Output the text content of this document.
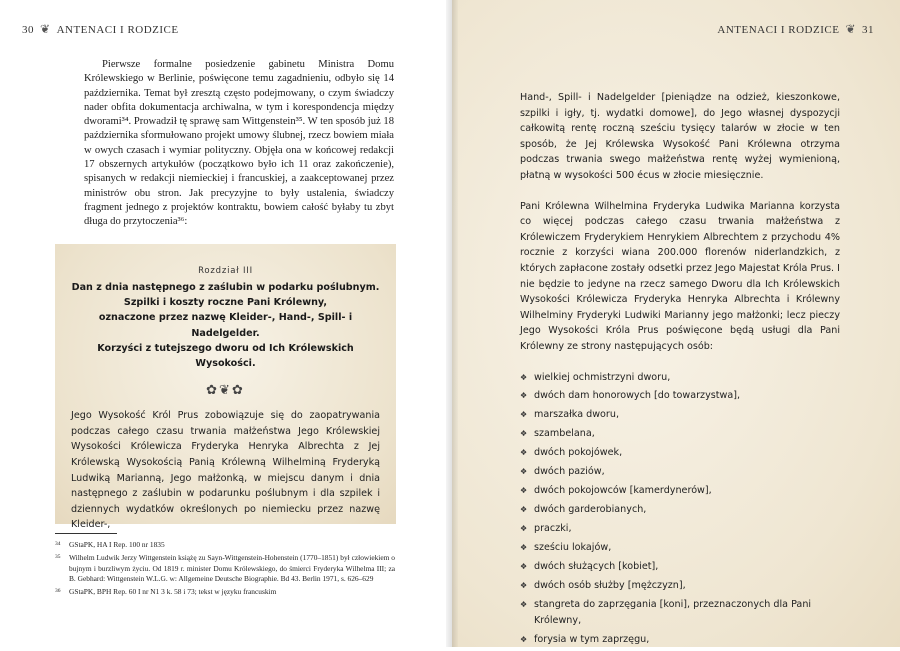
30 ❦ ANTENACI I RODZICE

Pierwsze formalne posiedzenie gabinetu Ministra Domu Królewskiego w Berlinie, poświęcone temu zagadnieniu, odbyło się 14 października. Temat był zresztą często podejmowany, o czym świadczy nader obfita dokumentacja archiwalna, w tym i korespondencja między dworami³⁴. Prowadził tę sprawę sam Wittgenstein³⁵. W ten sposób już 18 października sformułowano projekt umowy ślubnej, rzecz bowiem miała w owych czasach i wymiar polityczny. Objęła ona w końcowej redakcji 17 obszernych artykułów (początkowo było ich 11 oraz zakończenie), spisanych w redakcji niemieckiej i francuskiej, a zaakceptowanej przez ministrów obu stron. Jak precyzyjne to były ustalenia, świadczy fragment jednego z projektów kontraktu, bowiem całość byłaby tu zbyt długa do przytoczenia³⁶:

Rozdział III
Dan z dnia następnego z zaślubin w podarku poślubnym.
Szpilki i koszty roczne Pani Królewny,
oznaczone przez nazwę Kleider-, Hand-, Spill- i Nadelgelder.
Korzyści z tutejszego dworu od Ich Królewskich Wysokości.
✿❦✿
Jego Wysokość Król Prus zobowiązuje się do zaopatrywania podczas całego czasu trwania małżeństwa Jego Królewskiej Wysokości Królewicza Fryderyka Henryka Albrechta z Jej Królewską Wysokością Panią Królewną Wilhelminą Fryderyką Ludwiką Marianną, Jego małżonką, w miejscu danym i dnia następnego z zaślubin w podarunku poślubnym i dla szpilek i dziennych wydatków określonych po niemiecku przez nazwę Kleider-,
34	GStaPK, HA I Rep. 100 nr 1835
35	Wilhelm Ludwik Jerzy Wittgenstein książę zu Sayn-Wittgenstein-Hohenstein (1770–1851) był człowiekiem o bujnym i burzliwym życiu. Od 1819 r. minister Domu Królewskiego, do śmierci Fryderyka Wilhelma III; za B. Gebhard: Wittgenstein W.L.G. w: Allgemeine Deutsche Biographie. Bd 43. Berlin 1971, s. 626–629
36	GStaPK, BPH Rep. 60 I nr N1 3 k. 58 i 73; tekst w języku francuskim
ANTENACI I RODZICE ❦ 31

Hand-, Spill- i Nadelgelder [pieniądze na odzież, kieszonkowe, szpilki i igły, tj. wydatki domowe], do Jego własnej dyspozycji całkowitą rentę roczną sześciu tysięcy talarów w złocie w ten sposób, że Jej Królewska Wysokość Pani Królewna otrzyma podczas trwania swego małżeństwa rentę wyżej wymienioną, płatną w wysokości 500 écus w złocie miesięcznie.

Pani Królewna Wilhelmina Fryderyka Ludwika Marianna korzysta co więcej podczas całego czasu trwania małżeństwa z Królewiczem Fryderykiem Henrykiem Albrechtem z przychodu 4% rocznie z korzyści wiana 200.000 florenów niderlandzkich, z których zapłacone zostały odsetki przez Jego Majestat Króla Prus. I nie będzie to jedyne na rzecz samego Dworu dla Ich Królewskich Wysokości Królewicza Fryderyka Henryka Albrechta i Królewny Wilhelminy Fryderyki Ludwiki Marianny jego małżonki; lecz pieczy Jego Wysokości Króla Prus poświęcone będą usługi dla Pani Królewny ze strony następujących osób:

❖ wielkiej ochmistrzyni dworu,
❖ dwóch dam honorowych [do towarzystwa],
❖ marszałka dworu,
❖ szambelana,
❖ dwóch pokojówek,
❖ dwóch paziów,
❖ dwóch pokojowców [kamerdynerów],
❖ dwóch garderobianych,
❖ praczki,
❖ sześciu lokajów,
❖ dwóch służących [kobiet],
❖ dwóch osób służby [mężczyzn],
❖ stangreta do zaprzęgania [koni], przeznaczonych dla Pani Królewny,
❖ forysia w tym zaprzęgu,
